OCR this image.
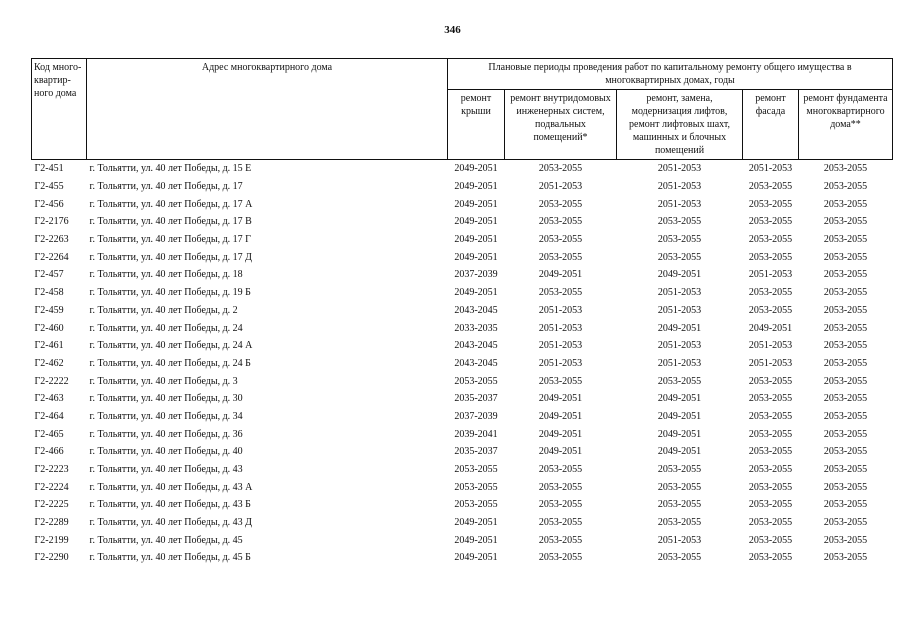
346
Код много-квартир-ного дома	Адрес многоквартирного дома	Плановые периоды проведения работ по капитальному ремонту общего имущества в многоквартирных домах, годы				
		ремонт крыши	ремонт внутридомовых инженерных систем, подвальных помещений*	ремонт, замена, модернизация лифтов, ремонт лифтовых шахт, машинных и блочных помещений	ремонт фасада	ремонт фундамента многоквартирного дома**
Г2-451	г. Тольятти, ул. 40 лет Победы, д. 15 Е	2049-2051	2053-2055	2051-2053	2051-2053	2053-2055
Г2-455	г. Тольятти, ул. 40 лет Победы, д. 17	2049-2051	2051-2053	2051-2053	2053-2055	2053-2055
Г2-456	г. Тольятти, ул. 40 лет Победы, д. 17 А	2049-2051	2053-2055	2051-2053	2053-2055	2053-2055
Г2-2176	г. Тольятти, ул. 40 лет Победы, д. 17 В	2049-2051	2053-2055	2053-2055	2053-2055	2053-2055
Г2-2263	г. Тольятти, ул. 40 лет Победы, д. 17 Г	2049-2051	2053-2055	2053-2055	2053-2055	2053-2055
Г2-2264	г. Тольятти, ул. 40 лет Победы, д. 17 Д	2049-2051	2053-2055	2053-2055	2053-2055	2053-2055
Г2-457	г. Тольятти, ул. 40 лет Победы, д. 18	2037-2039	2049-2051	2049-2051	2051-2053	2053-2055
Г2-458	г. Тольятти, ул. 40 лет Победы, д. 19 Б	2049-2051	2053-2055	2051-2053	2053-2055	2053-2055
Г2-459	г. Тольятти, ул. 40 лет Победы, д. 2	2043-2045	2051-2053	2051-2053	2053-2055	2053-2055
Г2-460	г. Тольятти, ул. 40 лет Победы, д. 24	2033-2035	2051-2053	2049-2051	2049-2051	2053-2055
Г2-461	г. Тольятти, ул. 40 лет Победы, д. 24 А	2043-2045	2051-2053	2051-2053	2051-2053	2053-2055
Г2-462	г. Тольятти, ул. 40 лет Победы, д. 24 Б	2043-2045	2051-2053	2051-2053	2051-2053	2053-2055
Г2-2222	г. Тольятти, ул. 40 лет Победы, д. 3	2053-2055	2053-2055	2053-2055	2053-2055	2053-2055
Г2-463	г. Тольятти, ул. 40 лет Победы, д. 30	2035-2037	2049-2051	2049-2051	2053-2055	2053-2055
Г2-464	г. Тольятти, ул. 40 лет Победы, д. 34	2037-2039	2049-2051	2049-2051	2053-2055	2053-2055
Г2-465	г. Тольятти, ул. 40 лет Победы, д. 36	2039-2041	2049-2051	2049-2051	2053-2055	2053-2055
Г2-466	г. Тольятти, ул. 40 лет Победы, д. 40	2035-2037	2049-2051	2049-2051	2053-2055	2053-2055
Г2-2223	г. Тольятти, ул. 40 лет Победы, д. 43	2053-2055	2053-2055	2053-2055	2053-2055	2053-2055
Г2-2224	г. Тольятти, ул. 40 лет Победы, д. 43 А	2053-2055	2053-2055	2053-2055	2053-2055	2053-2055
Г2-2225	г. Тольятти, ул. 40 лет Победы, д. 43 Б	2053-2055	2053-2055	2053-2055	2053-2055	2053-2055
Г2-2289	г. Тольятти, ул. 40 лет Победы, д. 43 Д	2049-2051	2053-2055	2053-2055	2053-2055	2053-2055
Г2-2199	г. Тольятти, ул. 40 лет Победы, д. 45	2049-2051	2053-2055	2051-2053	2053-2055	2053-2055
Г2-2290	г. Тольятти, ул. 40 лет Победы, д. 45 Б	2049-2051	2053-2055	2053-2055	2053-2055	2053-2055
